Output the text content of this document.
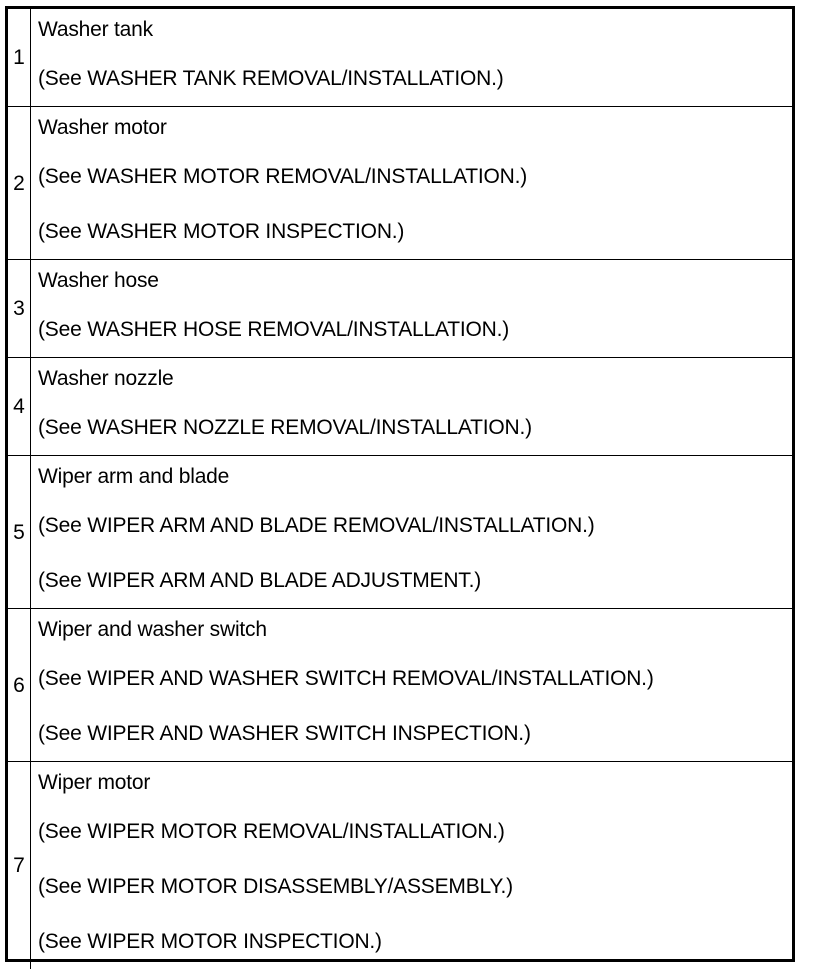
1	Washer tank
(See WASHER TANK REMOVAL/INSTALLATION.)

2	Washer motor
(See WASHER MOTOR REMOVAL/INSTALLATION.)
(See WASHER MOTOR INSPECTION.)

3	Washer hose
(See WASHER HOSE REMOVAL/INSTALLATION.)

4	Washer nozzle
(See WASHER NOZZLE REMOVAL/INSTALLATION.)

5	Wiper arm and blade
(See WIPER ARM AND BLADE REMOVAL/INSTALLATION.)
(See WIPER ARM AND BLADE ADJUSTMENT.)

6	Wiper and washer switch
(See WIPER AND WASHER SWITCH REMOVAL/INSTALLATION.)
(See WIPER AND WASHER SWITCH INSPECTION.)

7	Wiper motor
(See WIPER MOTOR REMOVAL/INSTALLATION.)
(See WIPER MOTOR DISASSEMBLY/ASSEMBLY.)
(See WIPER MOTOR INSPECTION.)
